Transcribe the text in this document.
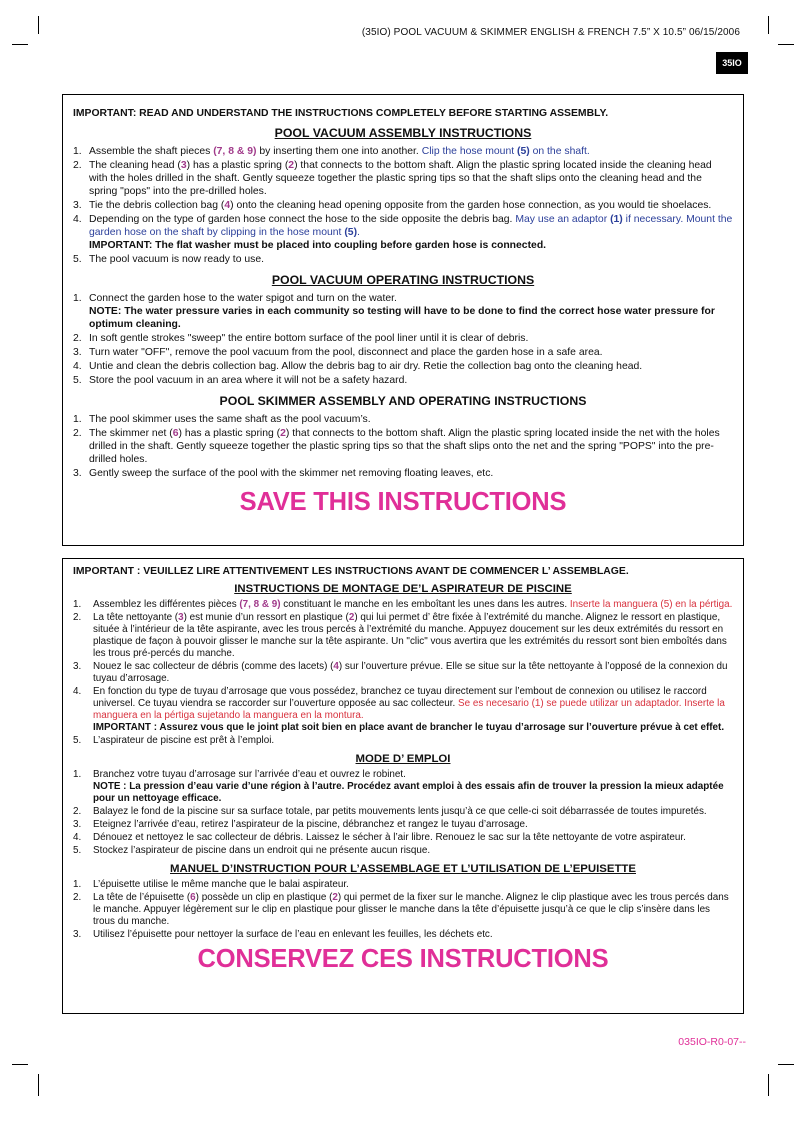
(35IO) POOL VACUUM & SKIMMER ENGLISH & FRENCH 7.5” X 10.5” 06/15/2006
35IO
IMPORTANT: READ AND UNDERSTAND THE INSTRUCTIONS COMPLETELY BEFORE STARTING ASSEMBLY.
POOL VACUUM ASSEMBLY INSTRUCTIONS
1. Assemble the shaft pieces (7, 8 & 9) by inserting them one into another. Clip the hose mount (5) on the shaft.
2. The cleaning head (3) has a plastic spring (2) that connects to the bottom shaft. Align the plastic spring located inside the cleaning head with the holes drilled in the shaft. Gently squeeze together the plastic spring tips so that the shaft slips onto the cleaning head and the spring "pops" into the pre-drilled holes.
3. Tie the debris collection bag (4) onto the cleaning head opening opposite from the garden hose connection, as you would tie shoelaces.
4. Depending on the type of garden hose connect the hose to the side opposite the debris bag. May use an adaptor (1) if necessary. Mount the garden hose on the shaft by clipping in the hose mount (5).
IMPORTANT: The flat washer must be placed into coupling before garden hose is connected.
5. The pool vacuum is now ready to use.
POOL VACUUM OPERATING INSTRUCTIONS
1. Connect the garden hose to the water spigot and turn on the water.
NOTE: The water pressure varies in each community so testing will have to be done to find the correct hose water pressure for optimum cleaning.
2. In soft gentle strokes "sweep" the entire bottom surface of the pool liner until it is clear of debris.
3. Turn water "OFF", remove the pool vacuum from the pool, disconnect and place the garden hose in a safe area.
4. Untie and clean the debris collection bag. Allow the debris bag to air dry. Retie the collection bag onto the cleaning head.
5. Store the pool vacuum in an area where it will not be a safety hazard.
POOL SKIMMER ASSEMBLY AND OPERATING INSTRUCTIONS
1. The pool skimmer uses the same shaft as the pool vacuum’s.
2. The skimmer net (6) has a plastic spring (2) that connects to the bottom shaft. Align the plastic spring located inside the net with the holes drilled in the shaft. Gently squeeze together the plastic spring tips so that the shaft slips onto the net and the spring "POPS" into the pre-drilled holes.
3. Gently sweep the surface of the pool with the skimmer net removing floating leaves, etc.
SAVE THIS INSTRUCTIONS
IMPORTANT : VEUILLEZ LIRE ATTENTIVEMENT LES INSTRUCTIONS AVANT DE COMMENCER L’ ASSEMBLAGE.
INSTRUCTIONS DE MONTAGE DE’L ASPIRATEUR DE PISCINE
1. Assemblez les différentes pièces (7, 8 & 9) constituant le manche en les emboîtant les unes dans les autres. Inserte la manguera (5) en la pértiga.
2. La tête nettoyante (3) est munie d’un ressort en plastique (2) qui lui permet d’ être fixée à l’extrémité du manche. Alignez le ressort en plastique, située à l’intérieur de la tête aspirante, avec les trous percés à l’extrémité du manche. Appuyez doucement sur les deux extrémités du ressort en plastique de façon à pouvoir glisser le manche sur la tête aspirante. Un "clic" vous avertira que les extrémités du ressort sont bien emboîtés dans les trous pré-percés du manche.
3. Nouez le sac collecteur de débris (comme des lacets) (4) sur l’ouverture prévue. Elle se situe sur la tête nettoyante à l’opposé de la connexion du tuyau d’arrosage.
4. En fonction du type de tuyau d’arrosage que vous possédez, branchez ce tuyau directement sur l’embout de connexion ou utilisez le raccord universel. Ce tuyau viendra se raccorder sur l’ouverture opposée au sac collecteur. Se es necesario (1) se puede utilizar un adaptador. Inserte la manguera en la pértiga sujetando la manguera en la montura.
IMPORTANT : Assurez vous que le joint plat soit bien en place avant de brancher le tuyau d’arrosage sur l’ouverture prévue à cet effet.
5. L’aspirateur de piscine est prêt à l’emploi.
MODE D’ EMPLOI
1. Branchez votre tuyau d’arrosage sur l’arrivée d’eau et ouvrez le robinet.
NOTE : La pression d’eau varie d’une région à l’autre. Procédez avant emploi à des essais afin de trouver la pression la mieux adaptée pour un nettoyage efficace.
2. Balayez le fond de la piscine sur sa surface totale, par petits mouvements lents jusqu’à ce que celle-ci soit débarrassée de toutes impuretés.
3. Eteignez l’arrivée d’eau, retirez l’aspirateur de la piscine, débranchez et rangez le tuyau d’arrosage.
4. Dénouez et nettoyez le sac collecteur de débris. Laissez le sécher à l’air libre. Renouez le sac sur la tête nettoyante de votre aspirateur.
5. Stockez l’aspirateur de piscine dans un endroit qui ne présente aucun risque.
MANUEL D’INSTRUCTION POUR L’ASSEMBLAGE ET L’UTILISATION DE L’EPUISETTE
1. L’épuisette utilise le même manche que le balai aspirateur.
2. La tête de l’épuisette (6) possède un clip en plastique (2) qui permet de la fixer sur le manche. Alignez le clip plastique avec les trous percés dans le manche. Appuyer légèrement sur le clip en plastique pour glisser le manche dans la tête d’épuisette jusqu’à ce que le clip s’insère dans les trous du manche.
3. Utilisez l’épuisette pour nettoyer la surface de l’eau en enlevant les feuilles, les déchets etc.
CONSERVEZ CES INSTRUCTIONS
035IO-R0-07--
